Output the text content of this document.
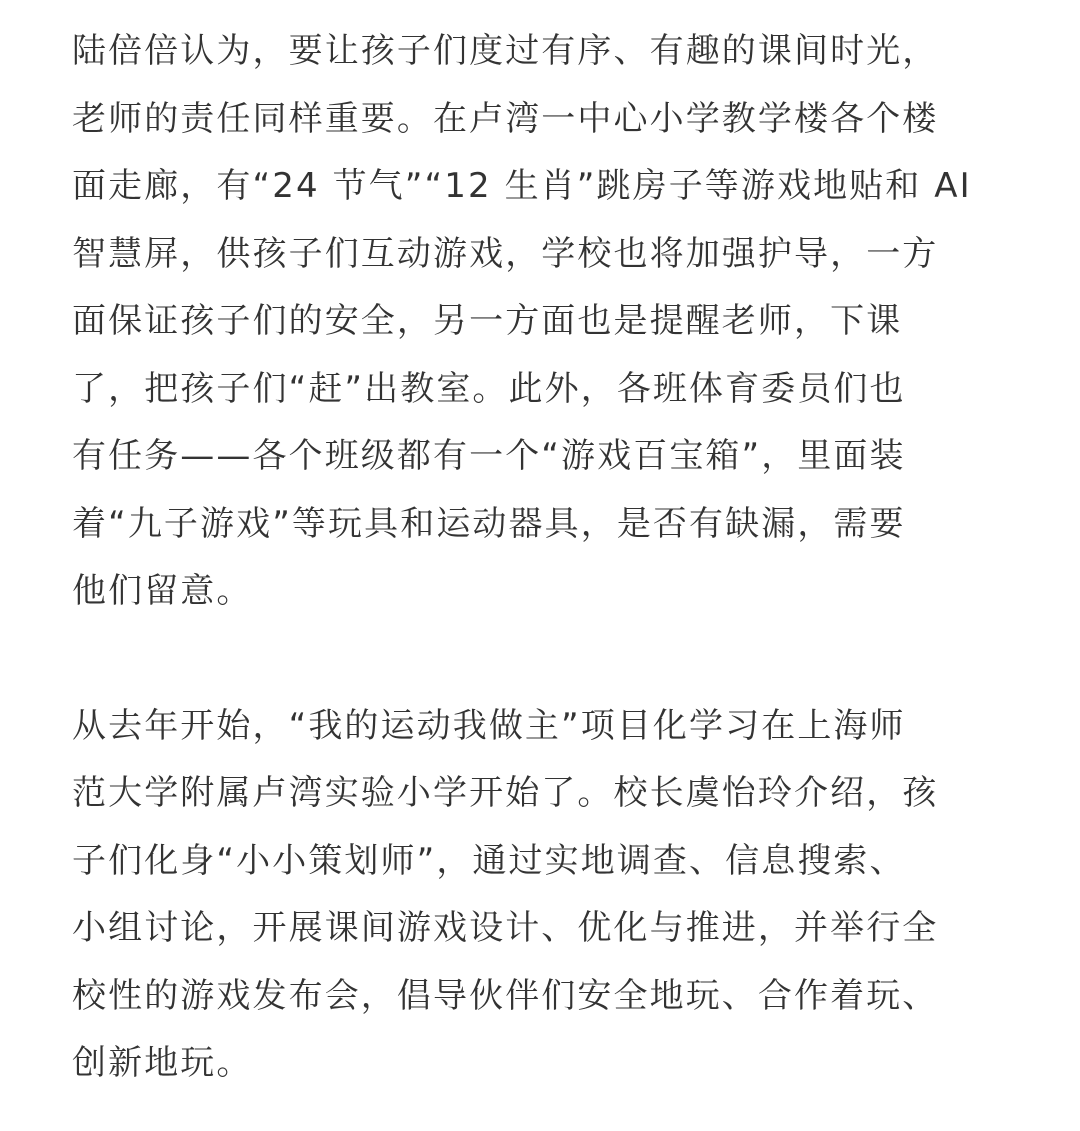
陆倍倍认为，要让孩子们度过有序、有趣的课间时光，
老师的责任同样重要。在卢湾一中心小学教学楼各个楼
面走廊，有“24 节气”“12 生肖”跳房子等游戏地贴和 AI
智慧屏，供孩子们互动游戏，学校也将加强护导，一方
面保证孩子们的安全，另一方面也是提醒老师，下课
了，把孩子们“赶”出教室。此外，各班体育委员们也
有任务——各个班级都有一个“游戏百宝箱”，里面装
着“九子游戏”等玩具和运动器具，是否有缺漏，需要
他们留意。

从去年开始，“我的运动我做主”项目化学习在上海师
范大学附属卢湾实验小学开始了。校长虞怡玲介绍，孩
子们化身“小小策划师”，通过实地调查、信息搜索、
小组讨论，开展课间游戏设计、优化与推进，并举行全
校性的游戏发布会，倡导伙伴们安全地玩、合作着玩、
创新地玩。
